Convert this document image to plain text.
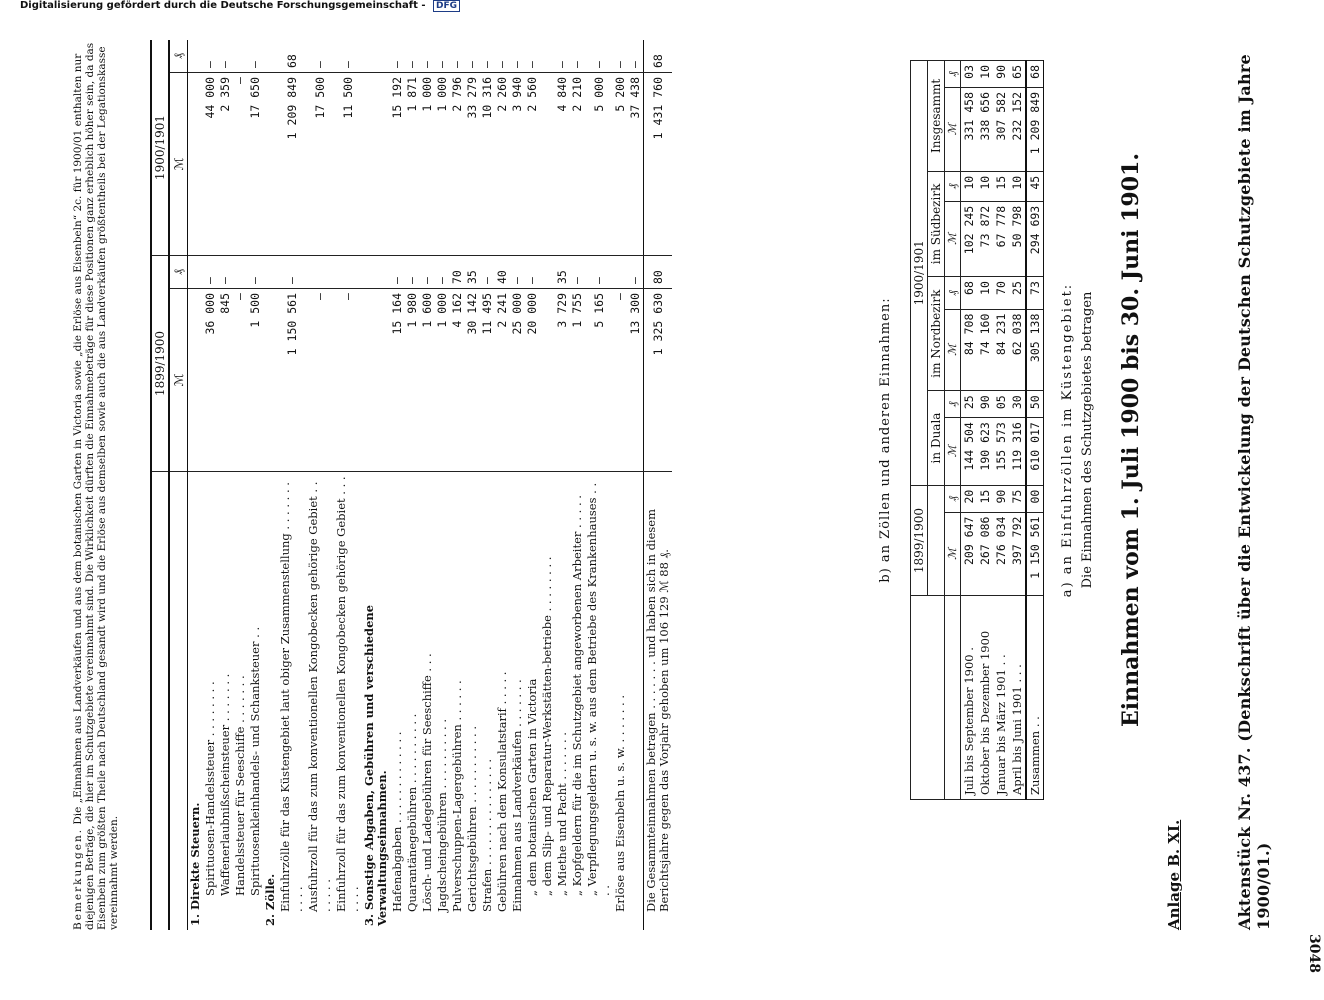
3048
Aktenstück Nr. 437. (Denkschrift über die Entwickelung der Deutschen Schutzgebiete im Jahre 1900/01.)
Anlage B. XI.
Einnahmen vom 1. Juli 1900 bis 30. Juni 1901.
Die Einnahmen des Schutzgebietes betragen
a) an Einfuhrzöllen im Küstengebiet:
	1899/1900		1900/1901							
			in Duala		im Nordbezirk		im Südbezirk		Insgesammt	
	ℳ	₰	ℳ	₰	ℳ	₰	ℳ	₰	ℳ	₰
Juli bis September 1900 .	209 647	20	144 504	25	84 708	68	102 245	10	331 458	03
Oktober bis Dezember 1900	267 086	15	190 623	90	74 160	10	73 872	10	338 656	10
Januar bis März 1901 . .	276 034	90	155 573	05	84 231	70	67 778	15	307 582	90
April bis Juni 1901 . . .	397 792	75	119 316	30	62 038	25	50 798	10	232 152	65
Zusammen . .	1 150 561	00	610 017	50	305 138	73	294 693	45	1 209 849	68
b) an Zöllen und anderen Einnahmen:
	1899/1900		1900/1901	
	ℳ	₰	ℳ	₰
1. Direkte Steuern.				
Spirituosen-Handelssteuer . . . . . . . .	36 000	—	44 000	—
Waffenerlaubnißscheinsteuer . . . . . . .	845	—	2 359	—
Handelssteuer für Seeschiffe . . . . . . .	—		—	
Spirituosenkleinhandels- und Schanksteuer . .	1 500	—	17 650	—
2. Zölle.				
Einfuhrzölle für das Küstengebiet laut obiger Zusammenstellung . . . . . . . . . . .	1 150 561	—	1 209 849	68
Ausfuhrzoll für das zum konventionellen Kongobecken gehörige Gebiet . . . . . . .	—		17 500	—
Einfuhrzoll für das zum konventionellen Kongobecken gehörige Gebiet . . . . . . .	—		11 500	—
3. Sonstige Abgaben, Gebühren und verschiedene Verwaltungseinnahmen.				
Hafenabgaben . . . . . . . . . . . . .	15 164	—	15 192	—
Quarantänegebühren . . . . . . . . . .	1 980	—	1 871	—
Lösch- und Ladegebühren für Seeschiffe . . .	1 600	—	1 000	—
Jagdscheingebühren . . . . . . . . . .	1 000	—	1 000	—
Pulverschuppen-Lagergebühren . . . . . .	4 162	70	2 796	—
Gerichtsgebühren . . . . . . . . . . .	30 142	35	33 279	—
Strafen . . . . . . . . . . . . . . .	11 495	—	10 316	—
Gebühren nach dem Konsulatstarif . . . . .	2 241	40	2 260	—
Einnahmen aus Landverkäufen . . . . . . .	25 000	—	3 940	—
„ dem botanischen Garten in Victoria	20 000	—	2 560	—
„ dem Slip- und Reparatur-Werkstätten-betriebe . . . . . . . .				
„ Miethe und Pacht . . . . . . .	3 729	35	4 840	—
„ Kopfgeldern für die im Schutzgebiet angeworbenen Arbeiter . . . . .	1 755	—	2 210	—
„ Verpflegungsgeldern u. s. w. aus dem Betriebe des Krankenhauses . . . .	5 165	—	5 000	—
Erlöse aus Eisenbeln u. s. w. . . . . . . .	—		5 200	—
	13 300	—	37 438	—
Die Gesammteinnahmen betragen . . . . . . . und haben sich in diesem Berichtsjahre gegen das Vorjahr gehoben um 106 129 ℳ 88 ₰.	1 325 630	80	1 431 760	68
Bemerkungen. Die „Einnahmen aus Landverkäufen und aus dem botanischen Garten in Victoria sowie „die Erlöse aus Eisenbeln“ 2c. für 1900/01 enthalten nur diejenigen Beträge, die hier im Schutzgebiete vereinnahmt sind. Die Wirklichkeit dürften die Einnahmebeträge für diese Positionen ganz erheblich höher sein, da das Eisenbein zum größten Theile nach Deutschland gesandt wird und die Erlöse aus demselben sowie auch die aus Landverkäufen größtentheils bei der Legationskasse vereinnahmt werden.
Digitalisierung gefördert durch die Deutsche Forschungsgemeinschaft - DFG
